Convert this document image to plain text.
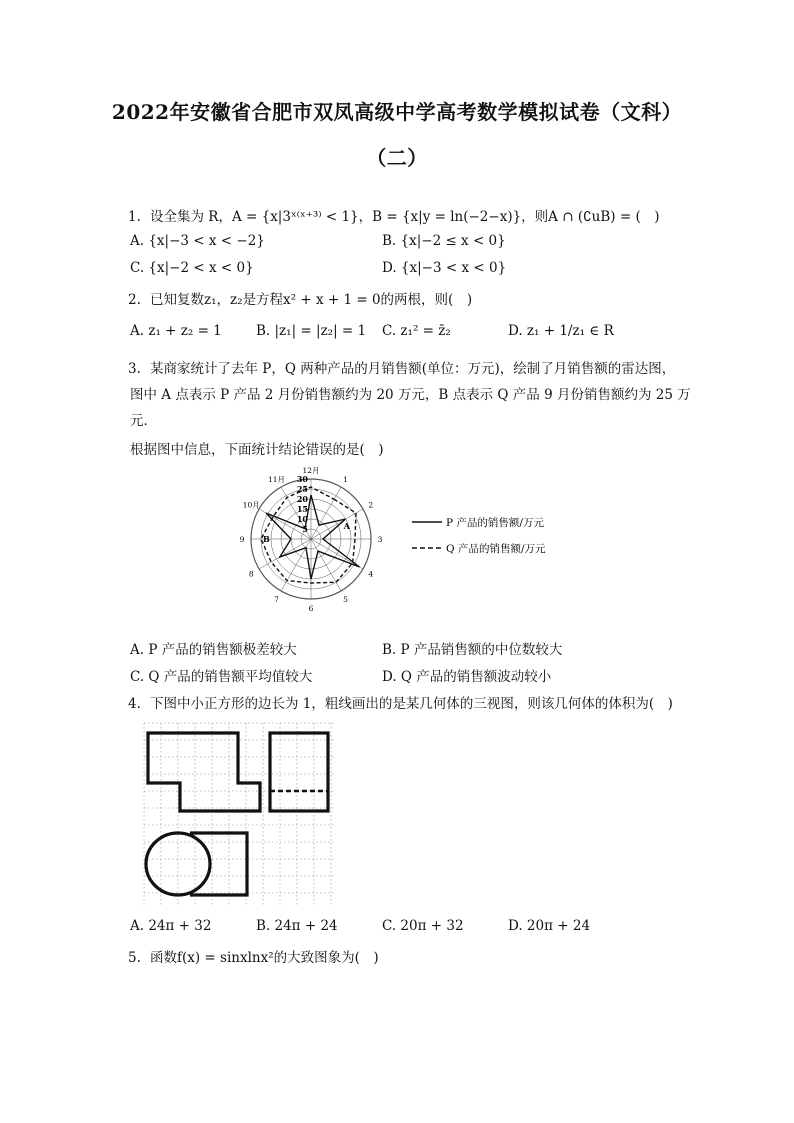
2022年安徽省合肥市双凤高级中学高考数学模拟试卷（文科）
（二）
1. 设全集为 R，A = {x|3ˣ⁽ˣ⁺³⁾ < 1}，B = {x|y = ln(−2−x)}，则A ∩ (∁uB) = (　)
A. {x|−3 < x < −2}	B. {x|−2 ≤ x < 0}
C. {x|−2 < x < 0}	D. {x|−3 < x < 0}
2. 已知复数z₁，z₂是方程x² + x + 1 = 0的两根，则(　)
A. z₁ + z₂ = 1	B. |z₁| = |z₂| = 1 C. z₁² = z̄₂	D. z₁ + 1/z₁ ∈ R
3. 某商家统计了去年 P，Q 两种产品的月销售额(单位：万元)，绘制了月销售额的雷达图，
图中 A 点表示 P 产品 2 月份销售额约为 20 万元，B 点表示 Q 产品 9 月份销售额约为 25 万
元．
根据图中信息，下面统计结论错误的是(　)
1
2
3
4
5
6
7
8
9
10月
11月
12月
30
25
20
15
10
5	A
B
P 产品的销售额/万元
Q 产品的销售额/万元
A. P 产品的销售额极差较大	B. P 产品销售额的中位数较大
C. Q 产品的销售额平均值较大	D. Q 产品的销售额波动较小
4. 下图中小正方形的边长为 1，粗线画出的是某几何体的三视图，则该几何体的体积为(　)
A. 24π + 32	B. 24π + 24	C. 20π + 32	D. 20π + 24
5. 函数f(x) = sinxlnx²的大致图象为(　)
